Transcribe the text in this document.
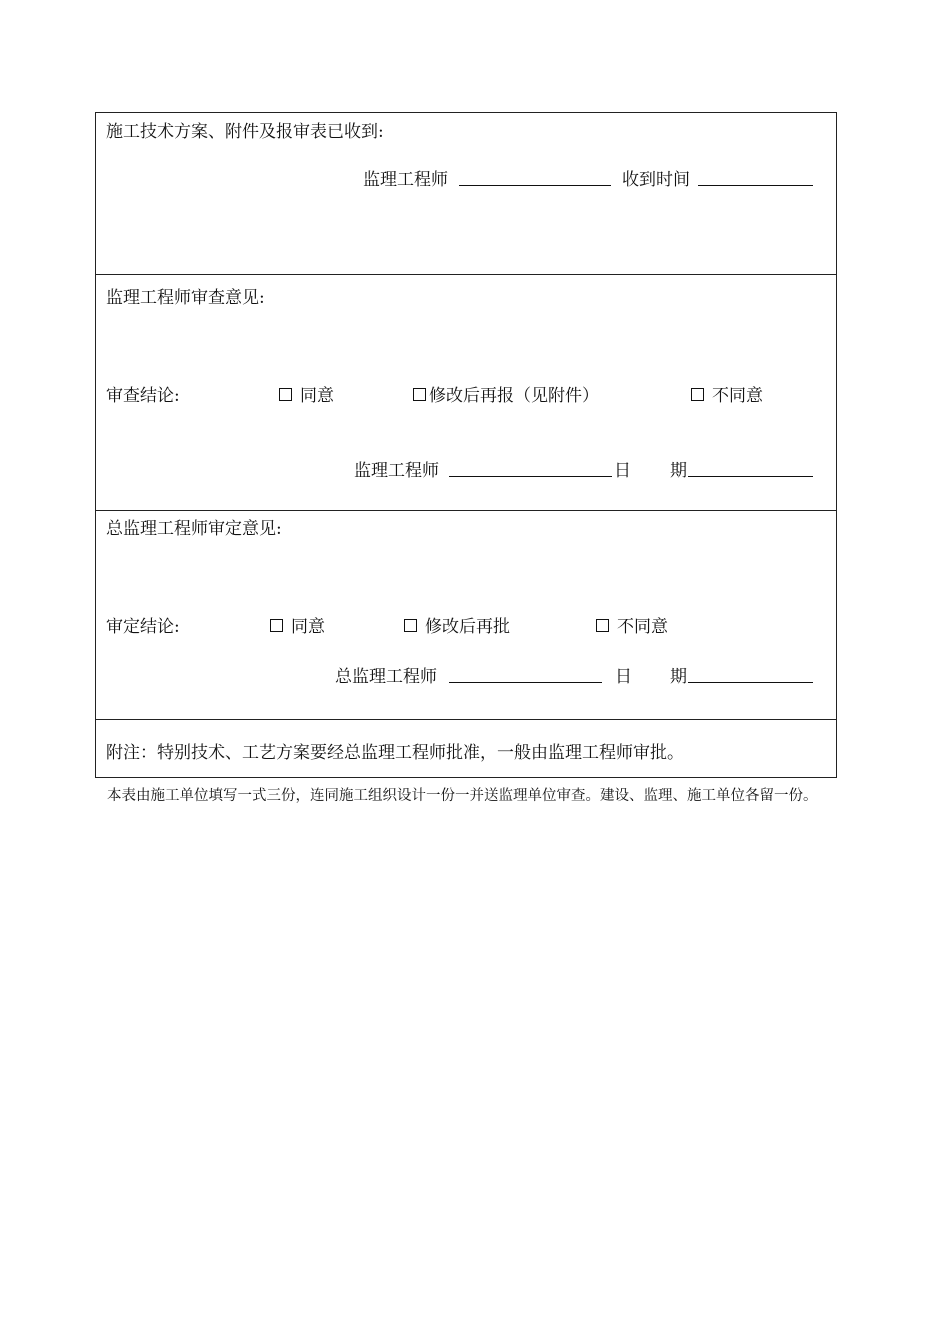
施工技术方案、附件及报审表已收到:
监理工程师	收到时间
监理工程师审查意见:
审查结论:	同意	修改后再报（见附件）	不同意
监理工程师	日 期
总监理工程师审定意见:
审定结论:	同意	修改后再批	不同意
总监理工程师	日 期
附注：特别技术、工艺方案要经总监理工程师批准，一般由监理工程师审批。
本表由施工单位填写一式三份，连同施工组织设计一份一并送监理单位审查。建设、监理、施工单位各留一份。
